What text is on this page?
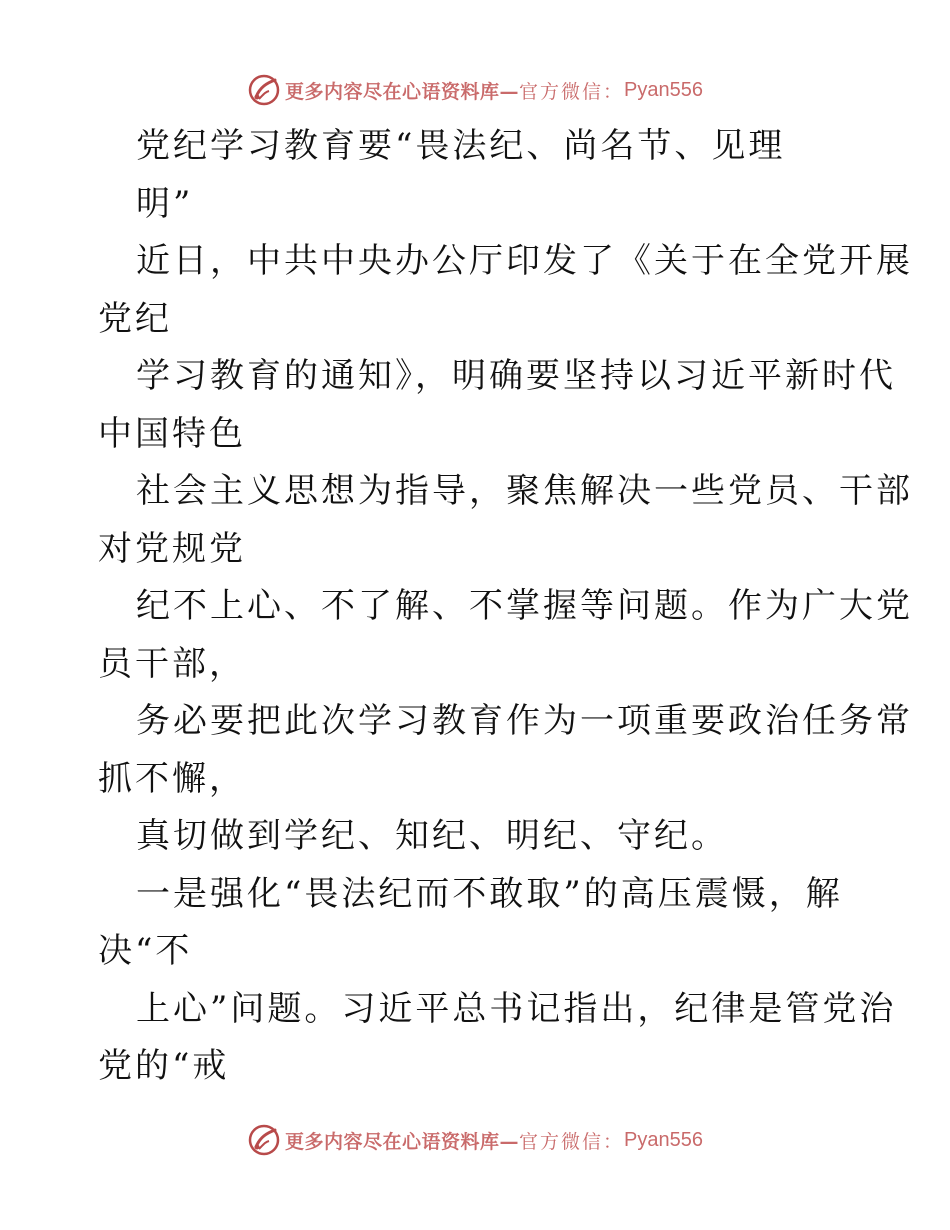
更多内容尽在心语资料库— 官方微信： Pyan556
党纪学习教育要“畏法纪、尚名节、见理
明”
近日，中共中央办公厅印发了《关于在全党开展
党纪
学习教育的通知》，明确要坚持以习近平新时代
中国特色
社会主义思想为指导，聚焦解决一些党员、干部
对党规党
纪不上心、不了解、不掌握等问题。作为广大党
员干部，
务必要把此次学习教育作为一项重要政治任务常
抓不懈，
真切做到学纪、知纪、明纪、守纪。
一是强化“畏法纪而不敢取”的高压震慑，解
决“不
上心”问题。习近平总书记指出，纪律是管党治
党的“戒
更多内容尽在心语资料库— 官方微信： Pyan556
